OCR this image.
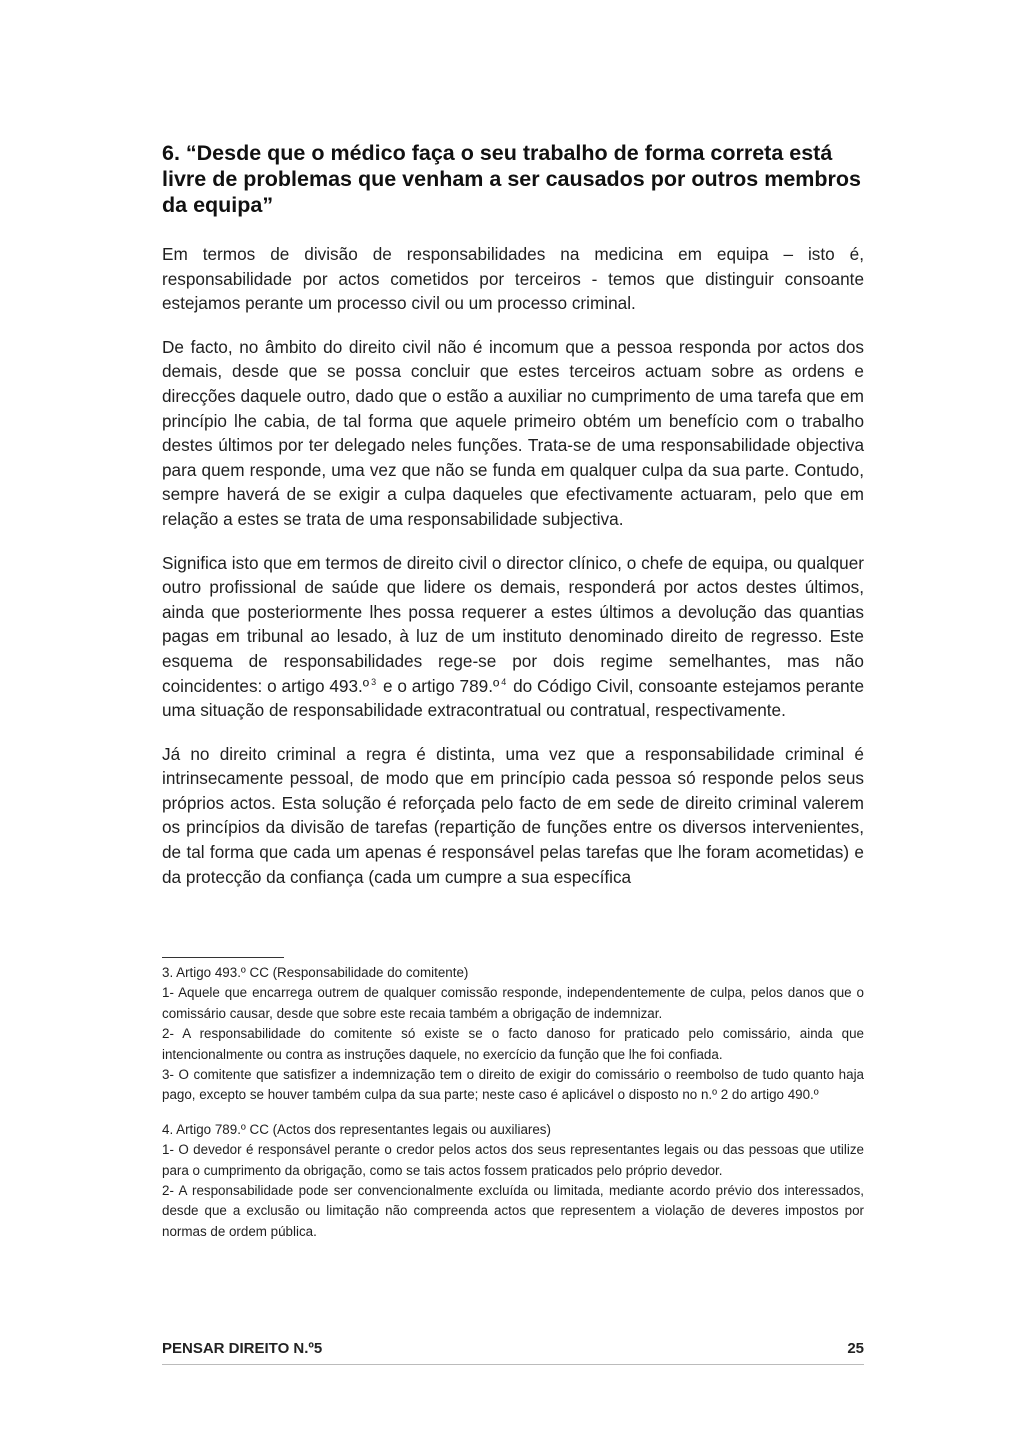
6. “Desde que o médico faça o seu trabalho de forma correta está livre de problemas que venham a ser causados por outros membros da equipa”

Em termos de divisão de responsabilidades na medicina em equipa – isto é, responsabilidade por actos cometidos por terceiros - temos que distinguir consoante estejamos perante um processo civil ou um processo criminal.

De facto, no âmbito do direito civil não é incomum que a pessoa responda por actos dos demais, desde que se possa concluir que estes terceiros actuam sobre as ordens e direcções daquele outro, dado que o estão a auxiliar no cumprimento de uma tarefa que em princípio lhe cabia, de tal forma que aquele primeiro obtém um benefício com o trabalho destes últimos por ter delegado neles funções. Trata-se de uma responsabilidade objectiva para quem responde, uma vez que não se funda em qualquer culpa da sua parte. Contudo, sempre haverá de se exigir a culpa daqueles que efectivamente actuaram, pelo que em relação a estes se trata de uma responsabilidade subjectiva.

Significa isto que em termos de direito civil o director clínico, o chefe de equipa, ou qualquer outro profissional de saúde que lidere os demais, responderá por actos destes últimos, ainda que posteriormente lhes possa requerer a estes últimos a devolução das quantias pagas em tribunal ao lesado, à luz de um instituto denominado direito de regresso. Este esquema de responsabilidades rege-se por dois regime semelhantes, mas não coincidentes: o artigo 493.º $^3$ e o artigo 789.º $^4$ do Código Civil, consoante estejamos perante uma situação de responsabilidade extracontratual ou contratual, respectivamente.

Já no direito criminal a regra é distinta, uma vez que a responsabilidade criminal é intrinsecamente pessoal, de modo que em princípio cada pessoa só responde pelos seus próprios actos. Esta solução é reforçada pelo facto de em sede de direito criminal valerem os princípios da divisão de tarefas (repartição de funções entre os diversos intervenientes, de tal forma que cada um apenas é responsável pelas tarefas que lhe foram acometidas) e da protecção da confiança (cada um cumpre a sua específica

3. Artigo 493.º CC (Responsabilidade do comitente)

1- Aquele que encarrega outrem de qualquer comissão responde, independentemente de culpa, pelos danos que o comissário causar, desde que sobre este recaia também a obrigação de indemnizar.

2- A responsabilidade do comitente só existe se o facto danoso for praticado pelo comissário, ainda que intencionalmente ou contra as instruções daquele, no exercício da função que lhe foi confiada.

3- O comitente que satisfizer a indemnização tem o direito de exigir do comissário o reembolso de tudo quanto haja pago, excepto se houver também culpa da sua parte; neste caso é aplicável o disposto no n.º 2 do artigo 490.º

4. Artigo 789.º CC (Actos dos representantes legais ou auxiliares)

1- O devedor é responsável perante o credor pelos actos dos seus representantes legais ou das pessoas que utilize para o cumprimento da obrigação, como se tais actos fossem praticados pelo próprio devedor.

2- A responsabilidade pode ser convencionalmente excluída ou limitada, mediante acordo prévio dos interessados, desde que a exclusão ou limitação não compreenda actos que representem a violação de deveres impostos por normas de ordem pública.

PENSAR DIREITO N.º5	25
